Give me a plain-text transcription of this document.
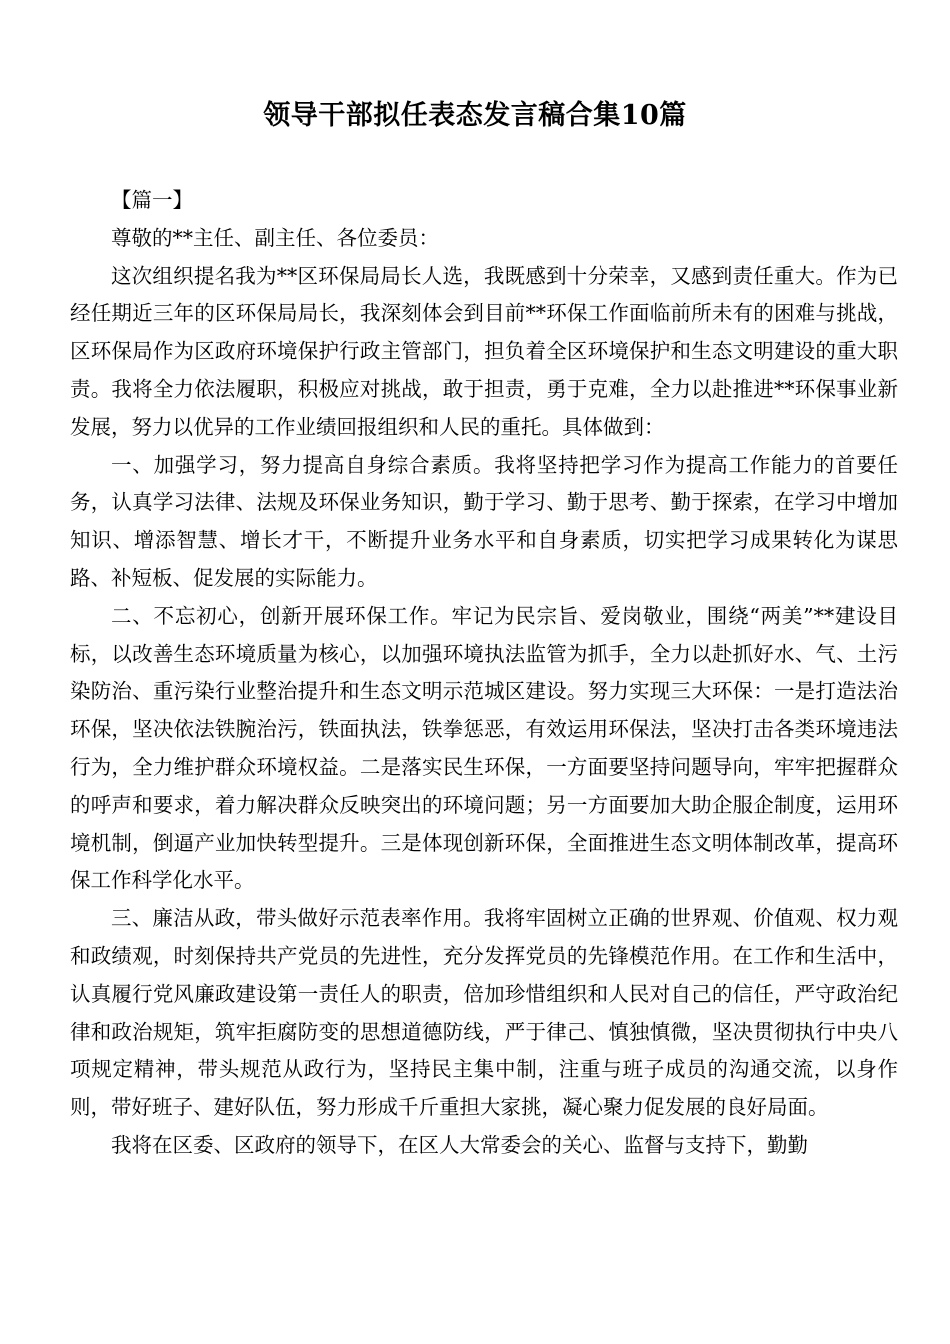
领导干部拟任表态发言稿合集10篇

【篇一】

尊敬的**主任、副主任、各位委员：

这次组织提名我为**区环保局局长人选，我既感到十分荣幸，又感到责任重大。作为已经任期近三年的区环保局局长，我深刻体会到目前**环保工作面临前所未有的困难与挑战，区环保局作为区政府环境保护行政主管部门，担负着全区环境保护和生态文明建设的重大职责。我将全力依法履职，积极应对挑战，敢于担责，勇于克难，全力以赴推进**环保事业新发展，努力以优异的工作业绩回报组织和人民的重托。具体做到：

一、加强学习，努力提高自身综合素质。我将坚持把学习作为提高工作能力的首要任务，认真学习法律、法规及环保业务知识，勤于学习、勤于思考、勤于探索，在学习中增加知识、增添智慧、增长才干，不断提升业务水平和自身素质，切实把学习成果转化为谋思路、补短板、促发展的实际能力。

二、不忘初心，创新开展环保工作。牢记为民宗旨、爱岗敬业，围绕“两美”**建设目标，以改善生态环境质量为核心，以加强环境执法监管为抓手，全力以赴抓好水、气、土污染防治、重污染行业整治提升和生态文明示范城区建设。努力实现三大环保：一是打造法治环保，坚决依法铁腕治污，铁面执法，铁拳惩恶，有效运用环保法，坚决打击各类环境违法行为，全力维护群众环境权益。二是落实民生环保，一方面要坚持问题导向，牢牢把握群众的呼声和要求，着力解决群众反映突出的环境问题；另一方面要加大助企服企制度，运用环境机制，倒逼产业加快转型提升。三是体现创新环保，全面推进生态文明体制改革，提高环保工作科学化水平。

三、廉洁从政，带头做好示范表率作用。我将牢固树立正确的世界观、价值观、权力观和政绩观，时刻保持共产党员的先进性，充分发挥党员的先锋模范作用。在工作和生活中，认真履行党风廉政建设第一责任人的职责，倍加珍惜组织和人民对自己的信任，严守政治纪律和政治规矩，筑牢拒腐防变的思想道德防线，严于律己、慎独慎微，坚决贯彻执行中央八项规定精神，带头规范从政行为，坚持民主集中制，注重与班子成员的沟通交流，以身作则，带好班子、建好队伍，努力形成千斤重担大家挑，凝心聚力促发展的良好局面。

我将在区委、区政府的领导下，在区人大常委会的关心、监督与支持下，勤勤
